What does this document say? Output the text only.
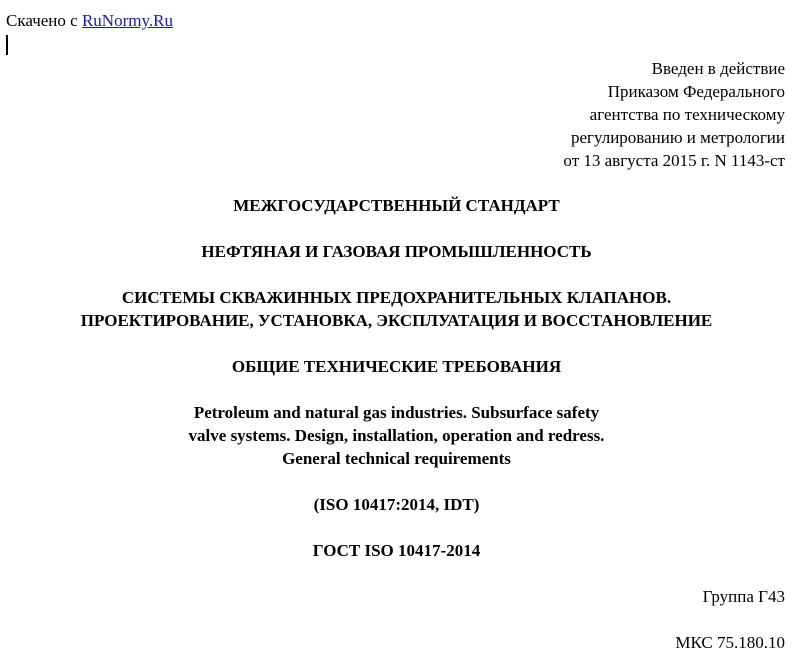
Скачено с RuNormy.Ru
Введен в действие
Приказом Федерального
агентства по техническому
регулированию и метрологии
от 13 августа 2015 г. N 1143-ст
МЕЖГОСУДАРСТВЕННЫЙ СТАНДАРТ
НЕФТЯНАЯ И ГАЗОВАЯ ПРОМЫШЛЕННОСТЬ
СИСТЕМЫ СКВАЖИННЫХ ПРЕДОХРАНИТЕЛЬНЫХ КЛАПАНОВ.
ПРОЕКТИРОВАНИЕ, УСТАНОВКА, ЭКСПЛУАТАЦИЯ И ВОССТАНОВЛЕНИЕ
ОБЩИЕ ТЕХНИЧЕСКИЕ ТРЕБОВАНИЯ
Petroleum and natural gas industries. Subsurface safety
valve systems. Design, installation, operation and redress.
General technical requirements
(ISO 10417:2014, IDT)
ГОСТ ISO 10417-2014
Группа Г43
МКС 75.180.10
